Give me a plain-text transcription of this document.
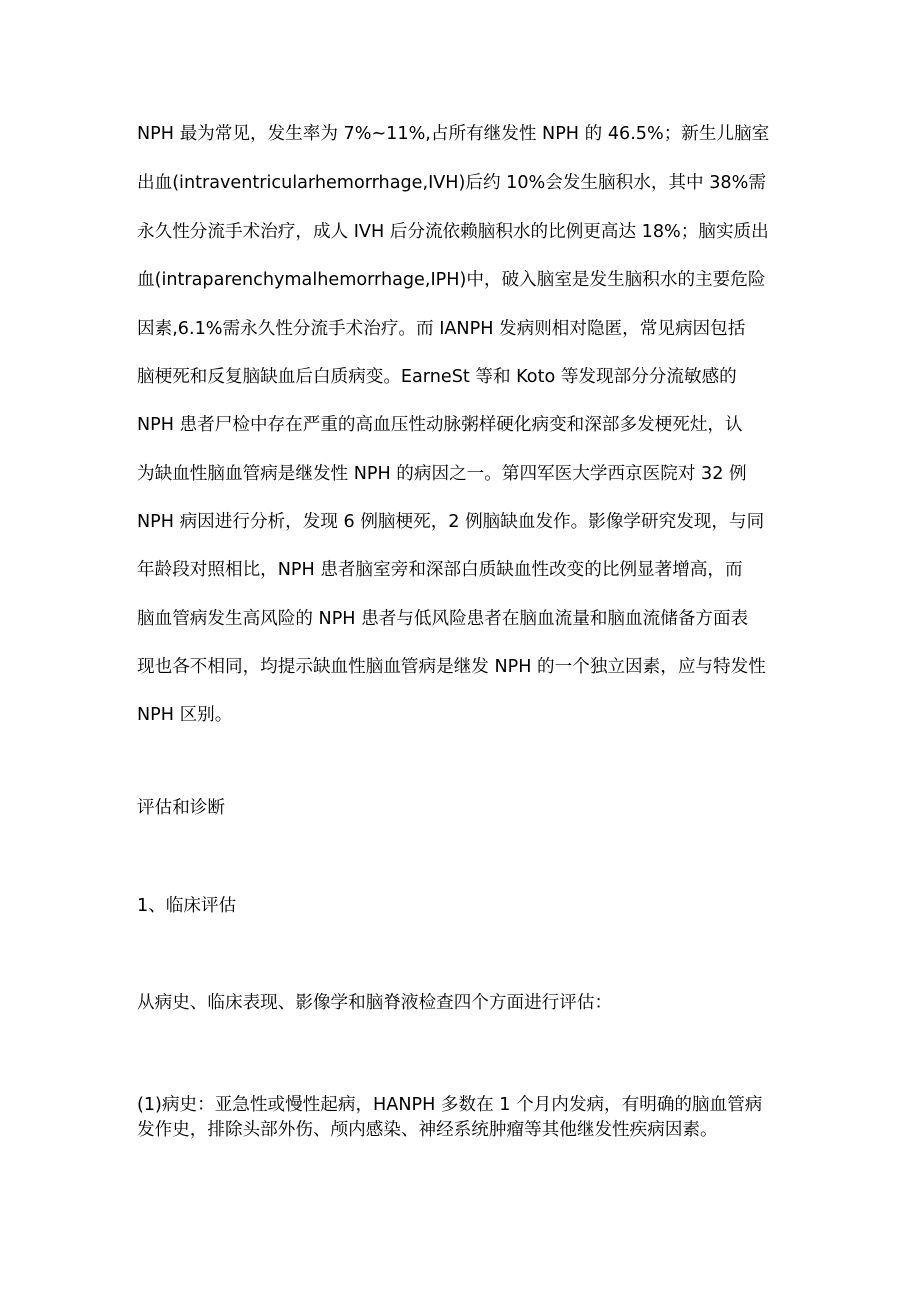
NPH 最为常见，发生率为 7%~11%,占所有继发性 NPH 的 46.5%；新生儿脑室
出血(intraventricularhemorrhage,IVH)后约 10%会发生脑积水，其中 38%需
永久性分流手术治疗，成人 IVH 后分流依赖脑积水的比例更高达 18%；脑实质出
血(intraparenchymalhemorrhage,IPH)中，破入脑室是发生脑积水的主要危险
因素,6.1%需永久性分流手术治疗。而 IANPH 发病则相对隐匿，常见病因包括
脑梗死和反复脑缺血后白质病变。EarneSt 等和 Koto 等发现部分分流敏感的
NPH 患者尸检中存在严重的高血压性动脉粥样硬化病变和深部多发梗死灶，认
为缺血性脑血管病是继发性 NPH 的病因之一。第四军医大学西京医院对 32 例
NPH 病因进行分析，发现 6 例脑梗死，2 例脑缺血发作。影像学研究发现，与同
年龄段对照相比，NPH 患者脑室旁和深部白质缺血性改变的比例显著增高，而
脑血管病发生高风险的 NPH 患者与低风险患者在脑血流量和脑血流储备方面表
现也各不相同，均提示缺血性脑血管病是继发 NPH 的一个独立因素，应与特发性
NPH 区别。
评估和诊断
1、临床评估
从病史、临床表现、影像学和脑脊液检查四个方面进行评估：
(1)病史：亚急性或慢性起病，HANPH 多数在 1 个月内发病，有明确的脑血管病
发作史，排除头部外伤、颅内感染、神经系统肿瘤等其他继发性疾病因素。
